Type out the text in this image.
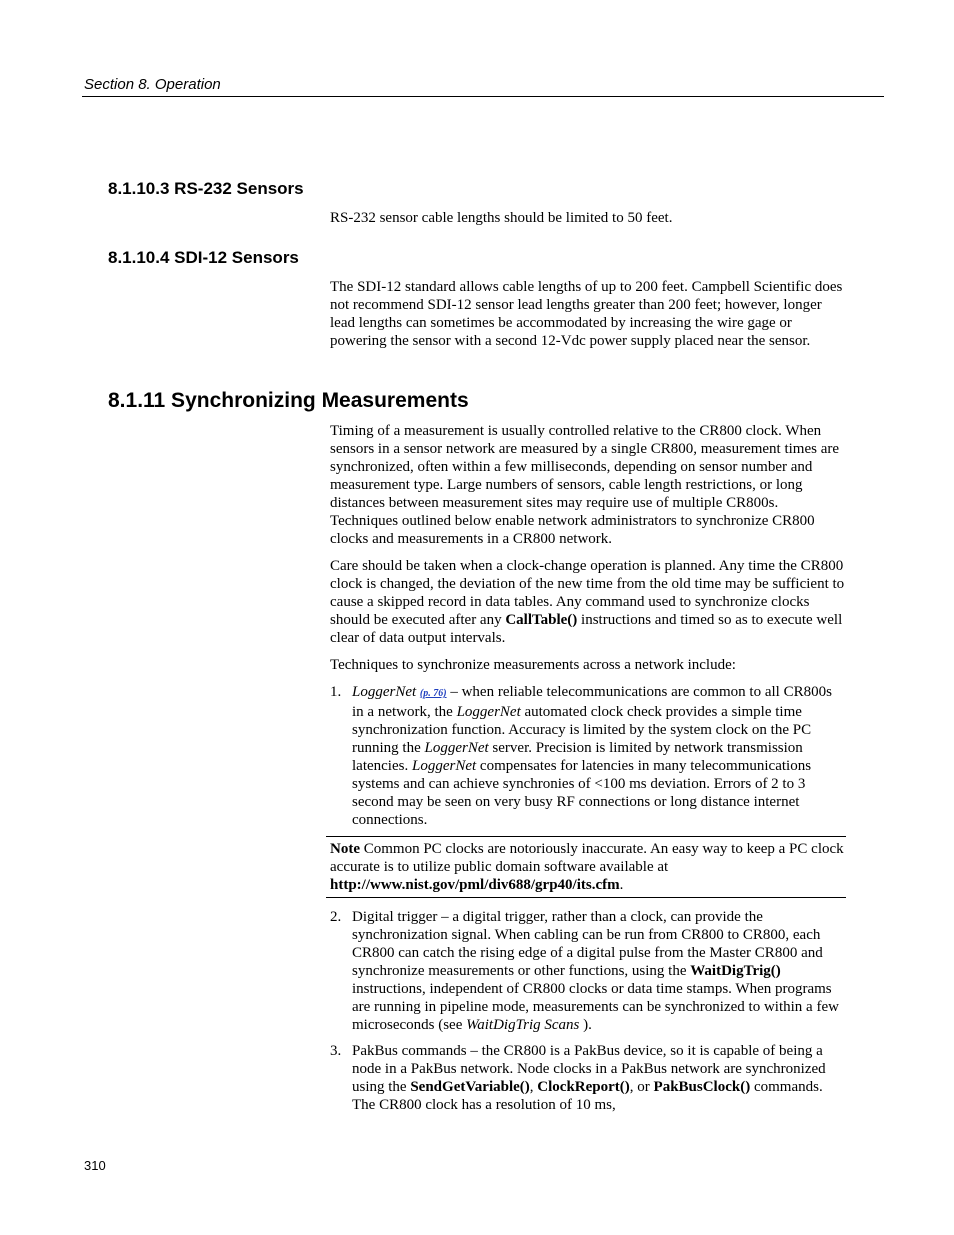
Section 8. Operation
8.1.10.3 RS-232 Sensors

RS-232 sensor cable lengths should be limited to 50 feet.

8.1.10.4 SDI-12 Sensors

The SDI-12 standard allows cable lengths of up to 200 feet. Campbell Scientific does not recommend SDI-12 sensor lead lengths greater than 200 feet; however, longer lead lengths can sometimes be accommodated by increasing the wire gage or powering the sensor with a second 12-Vdc power supply placed near the sensor.

8.1.11 Synchronizing Measurements

Timing of a measurement is usually controlled relative to the CR800 clock. When sensors in a sensor network are measured by a single CR800, measurement times are synchronized, often within a few milliseconds, depending on sensor number and measurement type. Large numbers of sensors, cable length restrictions, or long distances between measurement sites may require use of multiple CR800s. Techniques outlined below enable network administrators to synchronize CR800 clocks and measurements in a CR800 network.

Care should be taken when a clock-change operation is planned. Any time the CR800 clock is changed, the deviation of the new time from the old time may be sufficient to cause a skipped record in data tables. Any command used to synchronize clocks should be executed after any CallTable() instructions and timed so as to execute well clear of data output intervals.

Techniques to synchronize measurements across a network include:

1. LoggerNet (p. 76) – when reliable telecommunications are common to all CR800s in a network, the LoggerNet automated clock check provides a simple time synchronization function. Accuracy is limited by the system clock on the PC running the LoggerNet server. Precision is limited by network transmission latencies. LoggerNet compensates for latencies in many telecommunications systems and can achieve synchronies of <100 ms deviation. Errors of 2 to 3 second may be seen on very busy RF connections or long distance internet connections.
Note Common PC clocks are notoriously inaccurate. An easy way to keep a PC clock accurate is to utilize public domain software available at http://www.nist.gov/pml/div688/grp40/its.cfm.
2. Digital trigger – a digital trigger, rather than a clock, can provide the synchronization signal. When cabling can be run from CR800 to CR800, each CR800 can catch the rising edge of a digital pulse from the Master CR800 and synchronize measurements or other functions, using the WaitDigTrig() instructions, independent of CR800 clocks or data time stamps. When programs are running in pipeline mode, measurements can be synchronized to within a few microseconds (see WaitDigTrig Scans ).
3. PakBus commands – the CR800 is a PakBus device, so it is capable of being a node in a PakBus network. Node clocks in a PakBus network are synchronized using the SendGetVariable(), ClockReport(), or PakBusClock() commands. The CR800 clock has a resolution of 10 ms,
310
